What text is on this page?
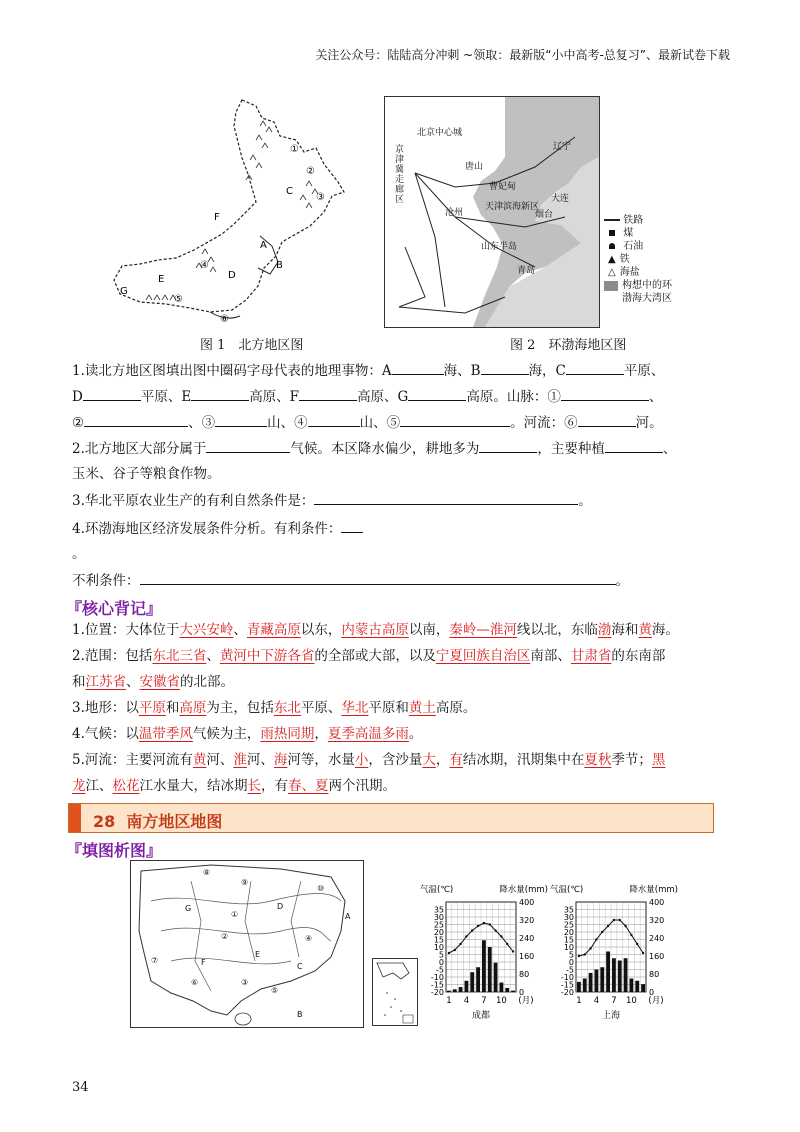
关注公众号：陆陆高分冲刺 ~领取：最新版“小中高考-总复习”、最新试卷下载
C
F
A
B
D
E
G
①
②
③
④
⑤
⑥
图 1　北方地区图
北京中心城
唐山
曹妃甸
沧州
天津滨海新区
大连
烟台
山东半岛
青岛
辽宁
京津冀走廊区
铁路
煤
石油
▲ 铁
△ 海盐
构想中的环渤海大湾区
图 2　环渤海地区图
1.读北方地区图填出图中圈码字母代表的地理事物：A	海、B	海，C	平原、
D	平原、E	高原、F	高原、G	高原。山脉：①	、
②	、③	山、④	山、⑤	。河流：⑥	河。
2.北方地区大部分属于	气候。本区降水偏少，耕地多为	，主要种植	、
玉米、谷子等粮食作物。
3.华北平原农业生产的有利自然条件是：	。
4.环渤海地区经济发展条件分析。有利条件：
。
不利条件：	。
『核心背记』
1.位置：大体位于大兴安岭、青藏高原以东，内蒙古高原以南，秦岭—淮河线以北，东临渤海和黄海。
2.范围：包括东北三省、黄河中下游各省的全部或大部，以及宁夏回族自治区南部、甘肃省的东南部
和江苏省、安徽省的北部。
3.地形：以平原和高原为主，包括东北平原、华北平原和黄土高原。
4.气候：以温带季风气候为主，雨热同期，夏季高温多雨。
5.河流：主要河流有黄河、淮河、海河等，水量小，含沙量大，有结冰期，汛期集中在夏秋季节；黑
龙江、松花江水量大，结冰期长，有春、夏两个汛期。
28 南方地区地图
『填图析图』
⑧
⑨
⑩
G
①
D
A
②	④
E
⑦	F	C
③
⑤
⑥
B
气温(℃)	降水量(mm)
35
30
25
20
15
10
5
0
-5
-10
-15
-20
400
320
240
160
80
0
1 4 7 10 (月)
成都
气温(℃)	降水量(mm)
35
30
25
20
15
10
5
0
-5
-10
-15
-20
400
320
240
160
80
0
1 4 7 10 (月)
上海
34
